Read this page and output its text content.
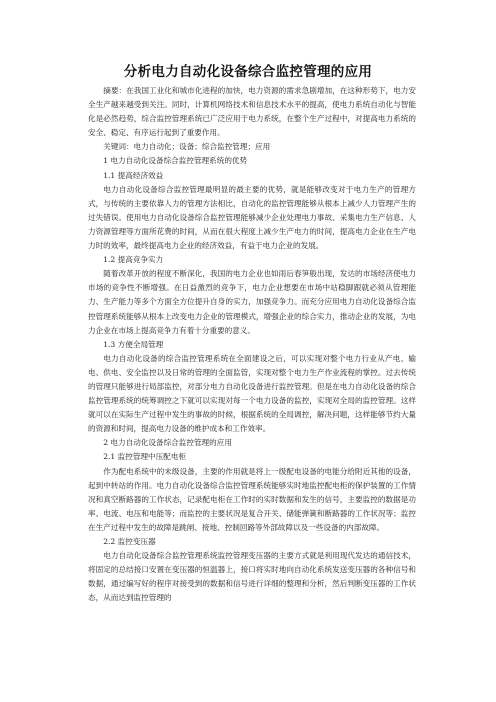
分析电力自动化设备综合监控管理的应用

摘要：在我国工业化和城市化进程的加快，电力资源的需求急剧增加，在这种形势下，电力安全生产越来越受到关注。同时，计算机网络技术和信息技术水平的提高，使电力系统自动化与智能化是必然趋势，综合监控管理系统已广泛应用于电力系统，在整个生产过程中，对提高电力系统的安全、稳定、有序运行起到了重要作用。

关键词：电力自动化；设备；综合监控管理；应用

1 电力自动化设备综合监控管理系统的优势

1.1 提高经济效益

电力自动化设备综合监控管理最明显的最主要的优势，就是能够改变对于电力生产的管理方式，与传统的主要依靠人力的管理方法相比，自动化的监控管理能够从根本上减少人力管理产生的过失错误。使用电力自动化设备综合监控管理能够减少企业处理电力事故、采集电力生产信息、人力资源管理等方面所花费的时间，从而在很大程度上减少生产电力的时间，提高电力企业在生产电力时的效率，最终提高电力企业的经济效益，有益于电力企业的发展。

1.2 提高竞争实力

随着改革开放的程度不断深化，我国的电力企业也如雨后春笋般出现，发达的市场经济使电力市场的竞争性不断增强。在日益激烈的竞争下，电力企业想要在市场中站稳脚跟就必须从管理能力、生产能力等多个方面全方位提升自身的实力，加强竞争力。而充分应用电力自动化设备综合监控管理系统能够从根本上改变电力企业的管理模式，增强企业的综合实力，推动企业的发展，为电力企业在市场上提高竞争力有着十分重要的意义。

1.3 方便全局管理

电力自动化设备的综合监控管理系统在全面建设之后，可以实现对整个电力行业从产电、输电、供电、安全监控以及日常的管理的全面监管，实现对整个电力生产作业流程的掌控。过去传统的管理只能够进行局部监控，对部分电力自动化设备进行监控管理。但是在电力自动化设备的综合监控管理系统的统筹调控之下就可以实现对每一个电力设备的监控，实现对全局的监控管理。这样就可以在实际生产过程中发生的事故的时候，根据系统的全局调控，解决问题，这样能够节约大量的资源和时间，提高电力设备的维护成本和工作效率。

2 电力自动化设备综合监控管理的应用

2.1 监控管理中压配电柜

作为配电系统中的末级设备，主要的作用就是将上一级配电设备的电能分给附近其他的设备，起到中转站的作用。电力自动化设备综合监控管理系统能够实时地监控配电柜的保护装置的工作情况和真空断路器的工作状态，记录配电柜在工作时的实时数据和发生的信号，主要监控的数据是功率、电流、电压和电能等；而监控的主要状况是复合开关、储能弹簧和断路器的工作状况等；监控在生产过程中发生的故障是跳闸、接地、控制回路等外部故障以及一些设备的内部故障。

2.2 监控变压器

电力自动化设备综合监控管理系统监控管理变压器的主要方式就是利用现代发达的通信技术，将固定的总结接口安置在变压器的恒温器上，接口将实时地向自动化系统发送变压器的各种信号和数据，通过编写好的程序对接受到的数据和信号进行详细的整理和分析，然后判断变压器的工作状态，从而达到监控管理的
